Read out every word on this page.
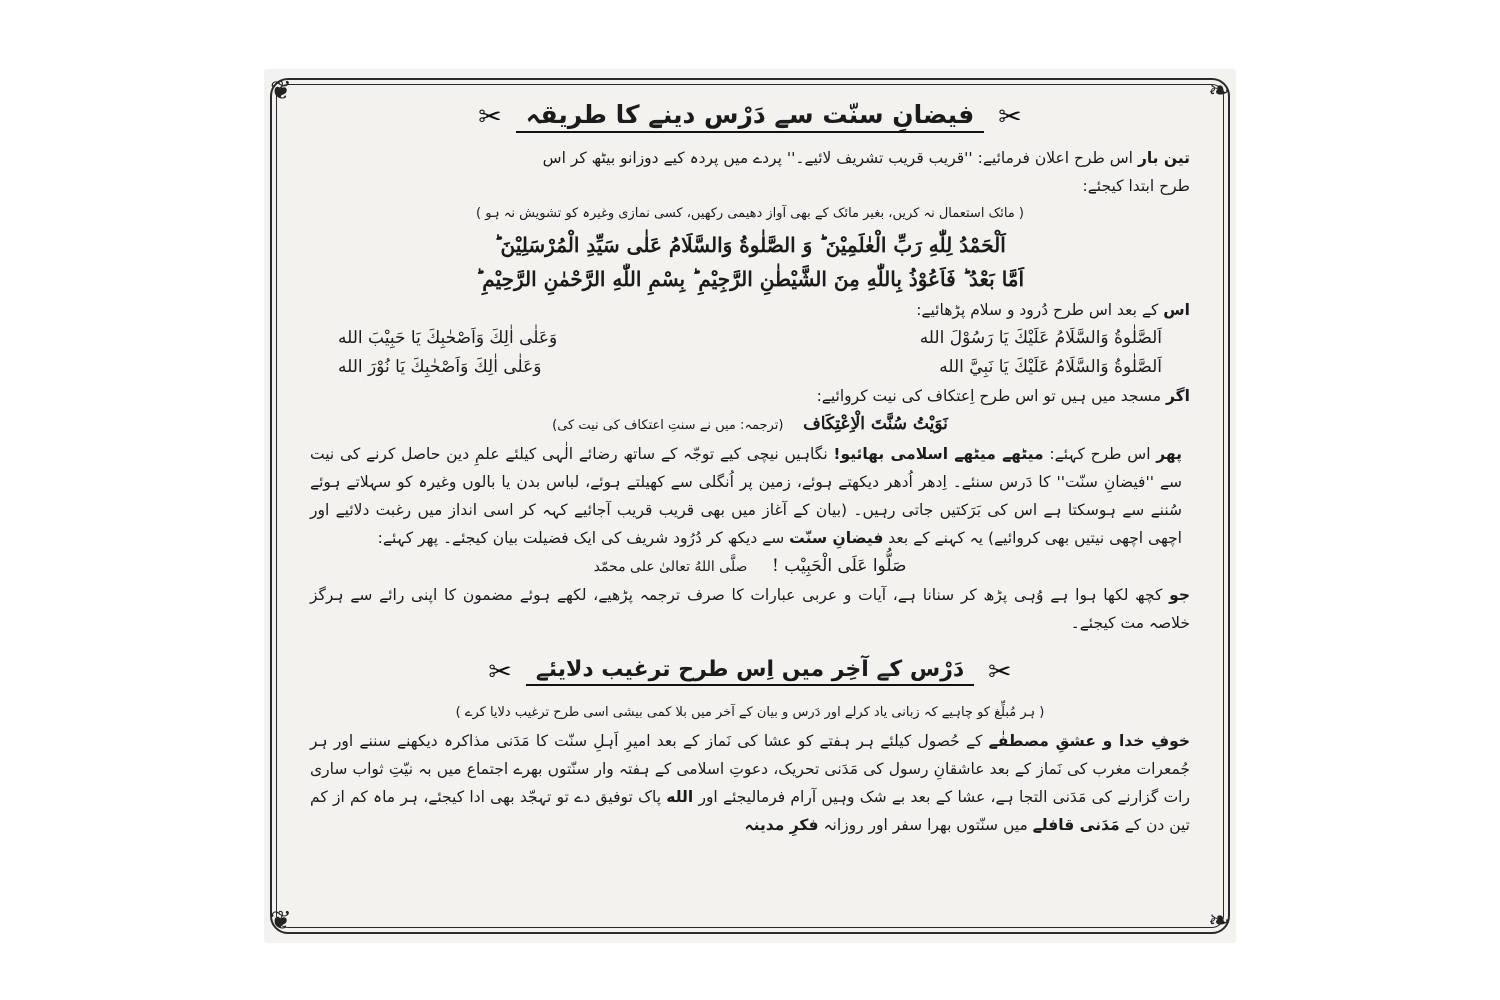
❦	❧
❦	❧
✂ فیضانِ سنّت سے دَرْس دینے کا طریقہ ✂

تین بار اس طرح اعلان فرمائیے: ''قریب قریب تشریف لائیے۔'' پردے میں پردہ کیے دوزانو بیٹھ کر اس
طرح ابتدا کیجئے:

( مائک استعمال نہ کریں، بغیر مائک کے بھی آواز دھیمی رکھیں، کسی نمازی وغیرہ کو تشویش نہ ہو )

اَلْحَمْدُ لِلّٰهِ رَبِّ الْعٰلَمِيْنَ ؕ وَ الصَّلٰوةُ وَالسَّلَامُ عَلٰى سَيِّدِ الْمُرْسَلِيْنَ ؕ

اَمَّا بَعْدُ ؕ فَاَعُوْذُ بِاللّٰهِ مِنَ الشَّيْطٰنِ الرَّجِيْمِ ؕ بِسْمِ اللّٰهِ الرَّحْمٰنِ الرَّحِيْمِ ؕ

اس کے بعد اس طرح دُرود و سلام پڑھائیے:

اَلصَّلٰوةُ وَالسَّلَامُ عَلَيْكَ يَا رَسُوْلَ الله
وَعَلٰى اٰلِكَ وَاَصْحٰبِكَ يَا حَبِيْبَ الله
اَلصَّلٰوةُ وَالسَّلَامُ عَلَيْكَ يَا نَبِيَّ الله
وَعَلٰى اٰلِكَ وَاَصْحٰبِكَ يَا نُوْرَ الله

اگر مسجد میں ہیں تو اس طرح اِعتکاف کی نیت کروائیے:

نَوَيْتُ سُنَّتَ الْاِعْتِكَاف    (ترجمہ: میں نے سنتِ اعتکاف کی نیت کی)

پھر اس طرح کہئے: میٹھے میٹھے اسلامی بھائیو! نگاہیں نیچی کیے توجّہ کے ساتھ رضائے الٰہی کیلئے علمِ دین حاصل کرنے کی نیت سے ''فیضانِ سنّت'' کا دَرس سنئے۔ اِدھر اُدھر دیکھتے ہوئے، زمین پر اُنگلی سے کھیلتے ہوئے، لباس بدن یا بالوں وغیرہ کو سہلاتے ہوئے سُننے سے ہوسکتا ہے اس کی بَرَکتیں جاتی رہیں۔ (بیان کے آغاز میں بھی قریب قریب آجائیے کہہ کر اسی انداز میں رغبت دلائیے اور اچھی اچھی نیتیں بھی کروائیے) یہ کہنے کے بعد فیضانِ سنّت سے دیکھ کر دُرُود شریف کی ایک فضیلت بیان کیجئے۔ پھر کہئے:

صَلُّوا عَلَى الْحَبِيْب !     صلَّى اللهُ تعالىٰ على محمّد

جو کچھ لکھا ہوا ہے وُہی پڑھ کر سنانا ہے، آیات و عربی عبارات کا صرف ترجمہ پڑھیے، لکھے ہوئے مضمون کا اپنی رائے سے ہرگز خلاصہ مت کیجئے۔

✂	دَرْس کے آخِر میں اِس طرح ترغیب دلایئے ✂

( ہر مُبلِّغ کو چاہیے کہ زبانی یاد کرلے اور دَرس و بیان کے آخر میں بلا کمی بیشی اسی طرح ترغیب دلایا کرے )

خوفِ خدا و عشقِ مصطفٰے کے حُصول کیلئے ہر ہفتے کو عشا کی نَماز کے بعد امیرِ اَہلِ سنّت کا مَدَنی مذاکرہ دیکھنے سننے اور ہر جُمعرات مغرب کی نَماز کے بعد عاشقانِ رسول کی مَدَنی تحریک، دعوتِ اسلامی کے ہفتہ وار سنّتوں بھرے اجتماع میں بہ نیّتِ ثواب ساری رات گزارنے کی مَدَنی التجا ہے، عشا کے بعد بے شک وہیں آرام فرمالیجئے اور الله پاک توفیق دے تو تہجّد بھی ادا کیجئے، ہر ماہ کم از کم تین دن کے مَدَنی قافلے میں سنّتوں بھرا سفر اور روزانہ فکرِ مدینہ
